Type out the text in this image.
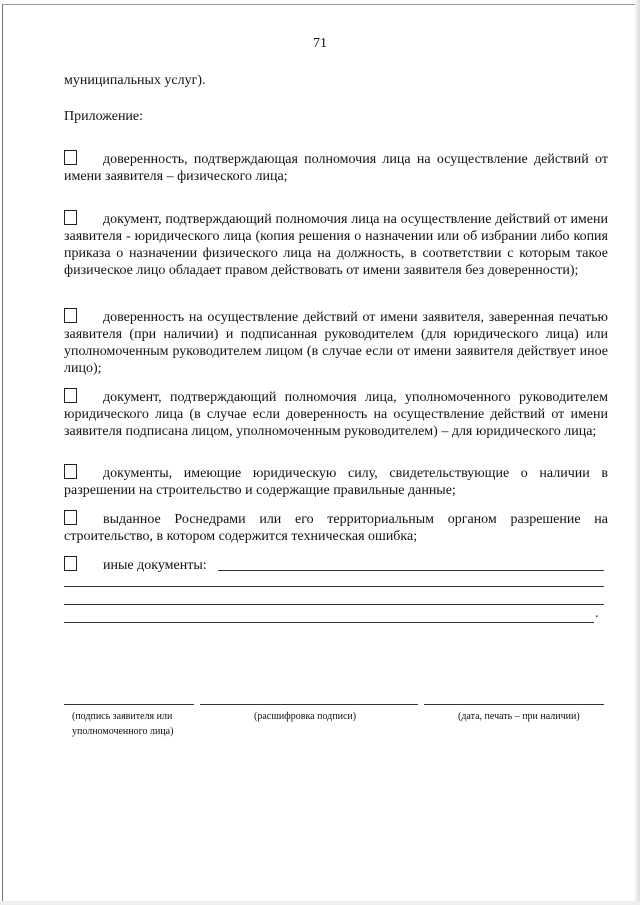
71
муниципальных услуг).
Приложение:
доверенность, подтверждающая полномочия лица на осуществление действий от имени заявителя – физического лица;
документ, подтверждающий полномочия лица на осуществление действий от имени заявителя - юридического лица (копия решения о назначении или об избрании либо копия приказа о назначении физического лица на должность, в соответствии с которым такое физическое лицо обладает правом действовать от имени заявителя без доверенности);
доверенность на осуществление действий от имени заявителя, заверенная печатью заявителя (при наличии) и подписанная руководителем (для юридического лица) или уполномоченным руководителем лицом (в случае если от имени заявителя действует иное лицо);
документ, подтверждающий полномочия лица, уполномоченного руководителем юридического лица (в случае если доверенность на осуществление действий от имени заявителя подписана лицом, уполномоченным руководителем) – для юридического лица;
документы, имеющие юридическую силу, свидетельствующие о наличии в разрешении на строительство и содержащие правильные данные;
выданное Роснедрами или его территориальным органом разрешение на строительство, в котором содержится техническая ошибка;
иные документы:
.
(подпись заявителя или
уполномоченного лица)
(расшифровка подписи)	(дата, печать – при наличии)
